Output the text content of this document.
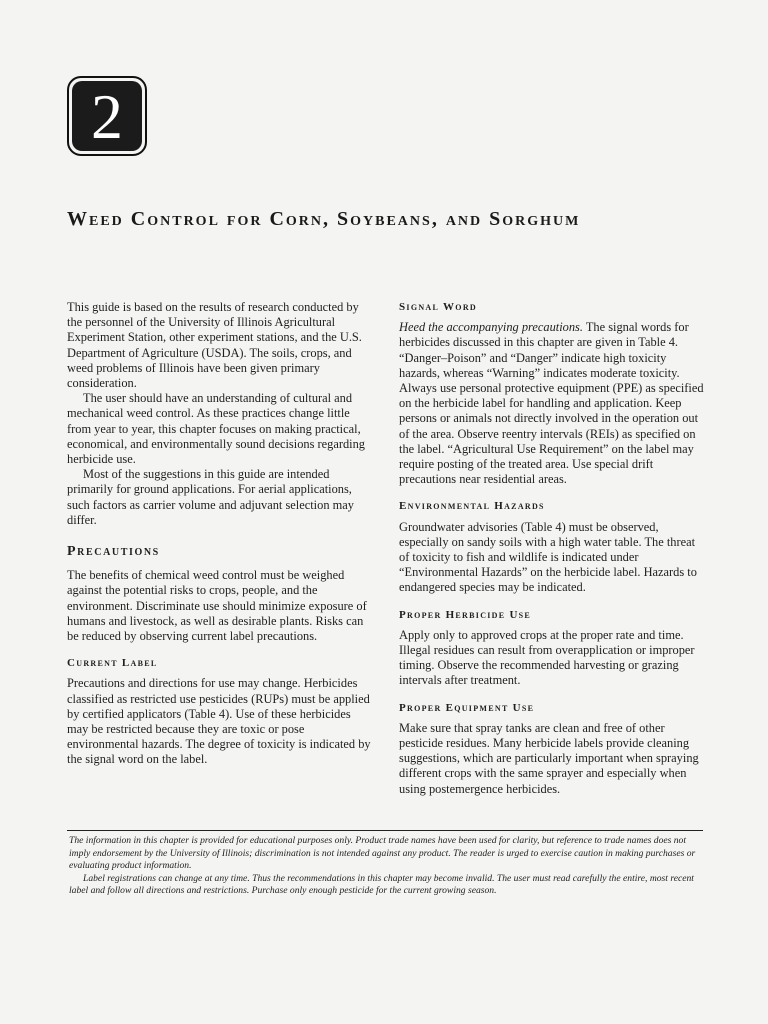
2
Weed Control for Corn, Soybeans, and Sorghum

This guide is based on the results of research conducted by the personnel of the University of Illinois Agricultural Experiment Station, other experiment stations, and the U.S. Department of Agriculture (USDA). The soils, crops, and weed problems of Illinois have been given primary consideration.

The user should have an understanding of cultural and mechanical weed control. As these practices change little from year to year, this chapter focuses on making practical, economical, and environmentally sound decisions regarding herbicide use.

Most of the suggestions in this guide are intended primarily for ground applications. For aerial applications, such factors as carrier volume and adjuvant selection may differ.

Precautions

The benefits of chemical weed control must be weighed against the potential risks to crops, people, and the environment. Discriminate use should minimize exposure of humans and livestock, as well as desirable plants. Risks can be reduced by observing current label precautions.

Current Label

Precautions and directions for use may change. Herbicides classified as restricted use pesticides (RUPs) must be applied by certified applicators (Table 4). Use of these herbicides may be restricted because they are toxic or pose environmental hazards. The degree of toxicity is indicated by the signal word on the label.

Signal Word

Heed the accompanying precautions. The signal words for herbicides discussed in this chapter are given in Table 4. “Danger–Poison” and “Danger” indicate high toxicity hazards, whereas “Warning” indicates moderate toxicity. Always use personal protective equipment (PPE) as specified on the herbicide label for handling and application. Keep persons or animals not directly involved in the operation out of the area. Observe reentry intervals (REIs) as specified on the label. “Agricultural Use Requirement” on the label may require posting of the treated area. Use special drift precautions near residential areas.

Environmental Hazards

Groundwater advisories (Table 4) must be observed, especially on sandy soils with a high water table. The threat of toxicity to fish and wildlife is indicated under “Environmental Hazards” on the herbicide label. Hazards to endangered species may be indicated.

Proper Herbicide Use

Apply only to approved crops at the proper rate and time. Illegal residues can result from overapplication or improper timing. Observe the recommended harvesting or grazing intervals after treatment.

Proper Equipment Use

Make sure that spray tanks are clean and free of other pesticide residues. Many herbicide labels provide cleaning suggestions, which are particularly important when spraying different crops with the same sprayer and especially when using postemergence herbicides.

The information in this chapter is provided for educational purposes only. Product trade names have been used for clarity, but reference to trade names does not imply endorsement by the University of Illinois; discrimination is not intended against any product. The reader is urged to exercise caution in making purchases or evaluating product information.

Label registrations can change at any time. Thus the recommendations in this chapter may become invalid. The user must read carefully the entire, most recent label and follow all directions and restrictions. Purchase only enough pesticide for the current growing season.
